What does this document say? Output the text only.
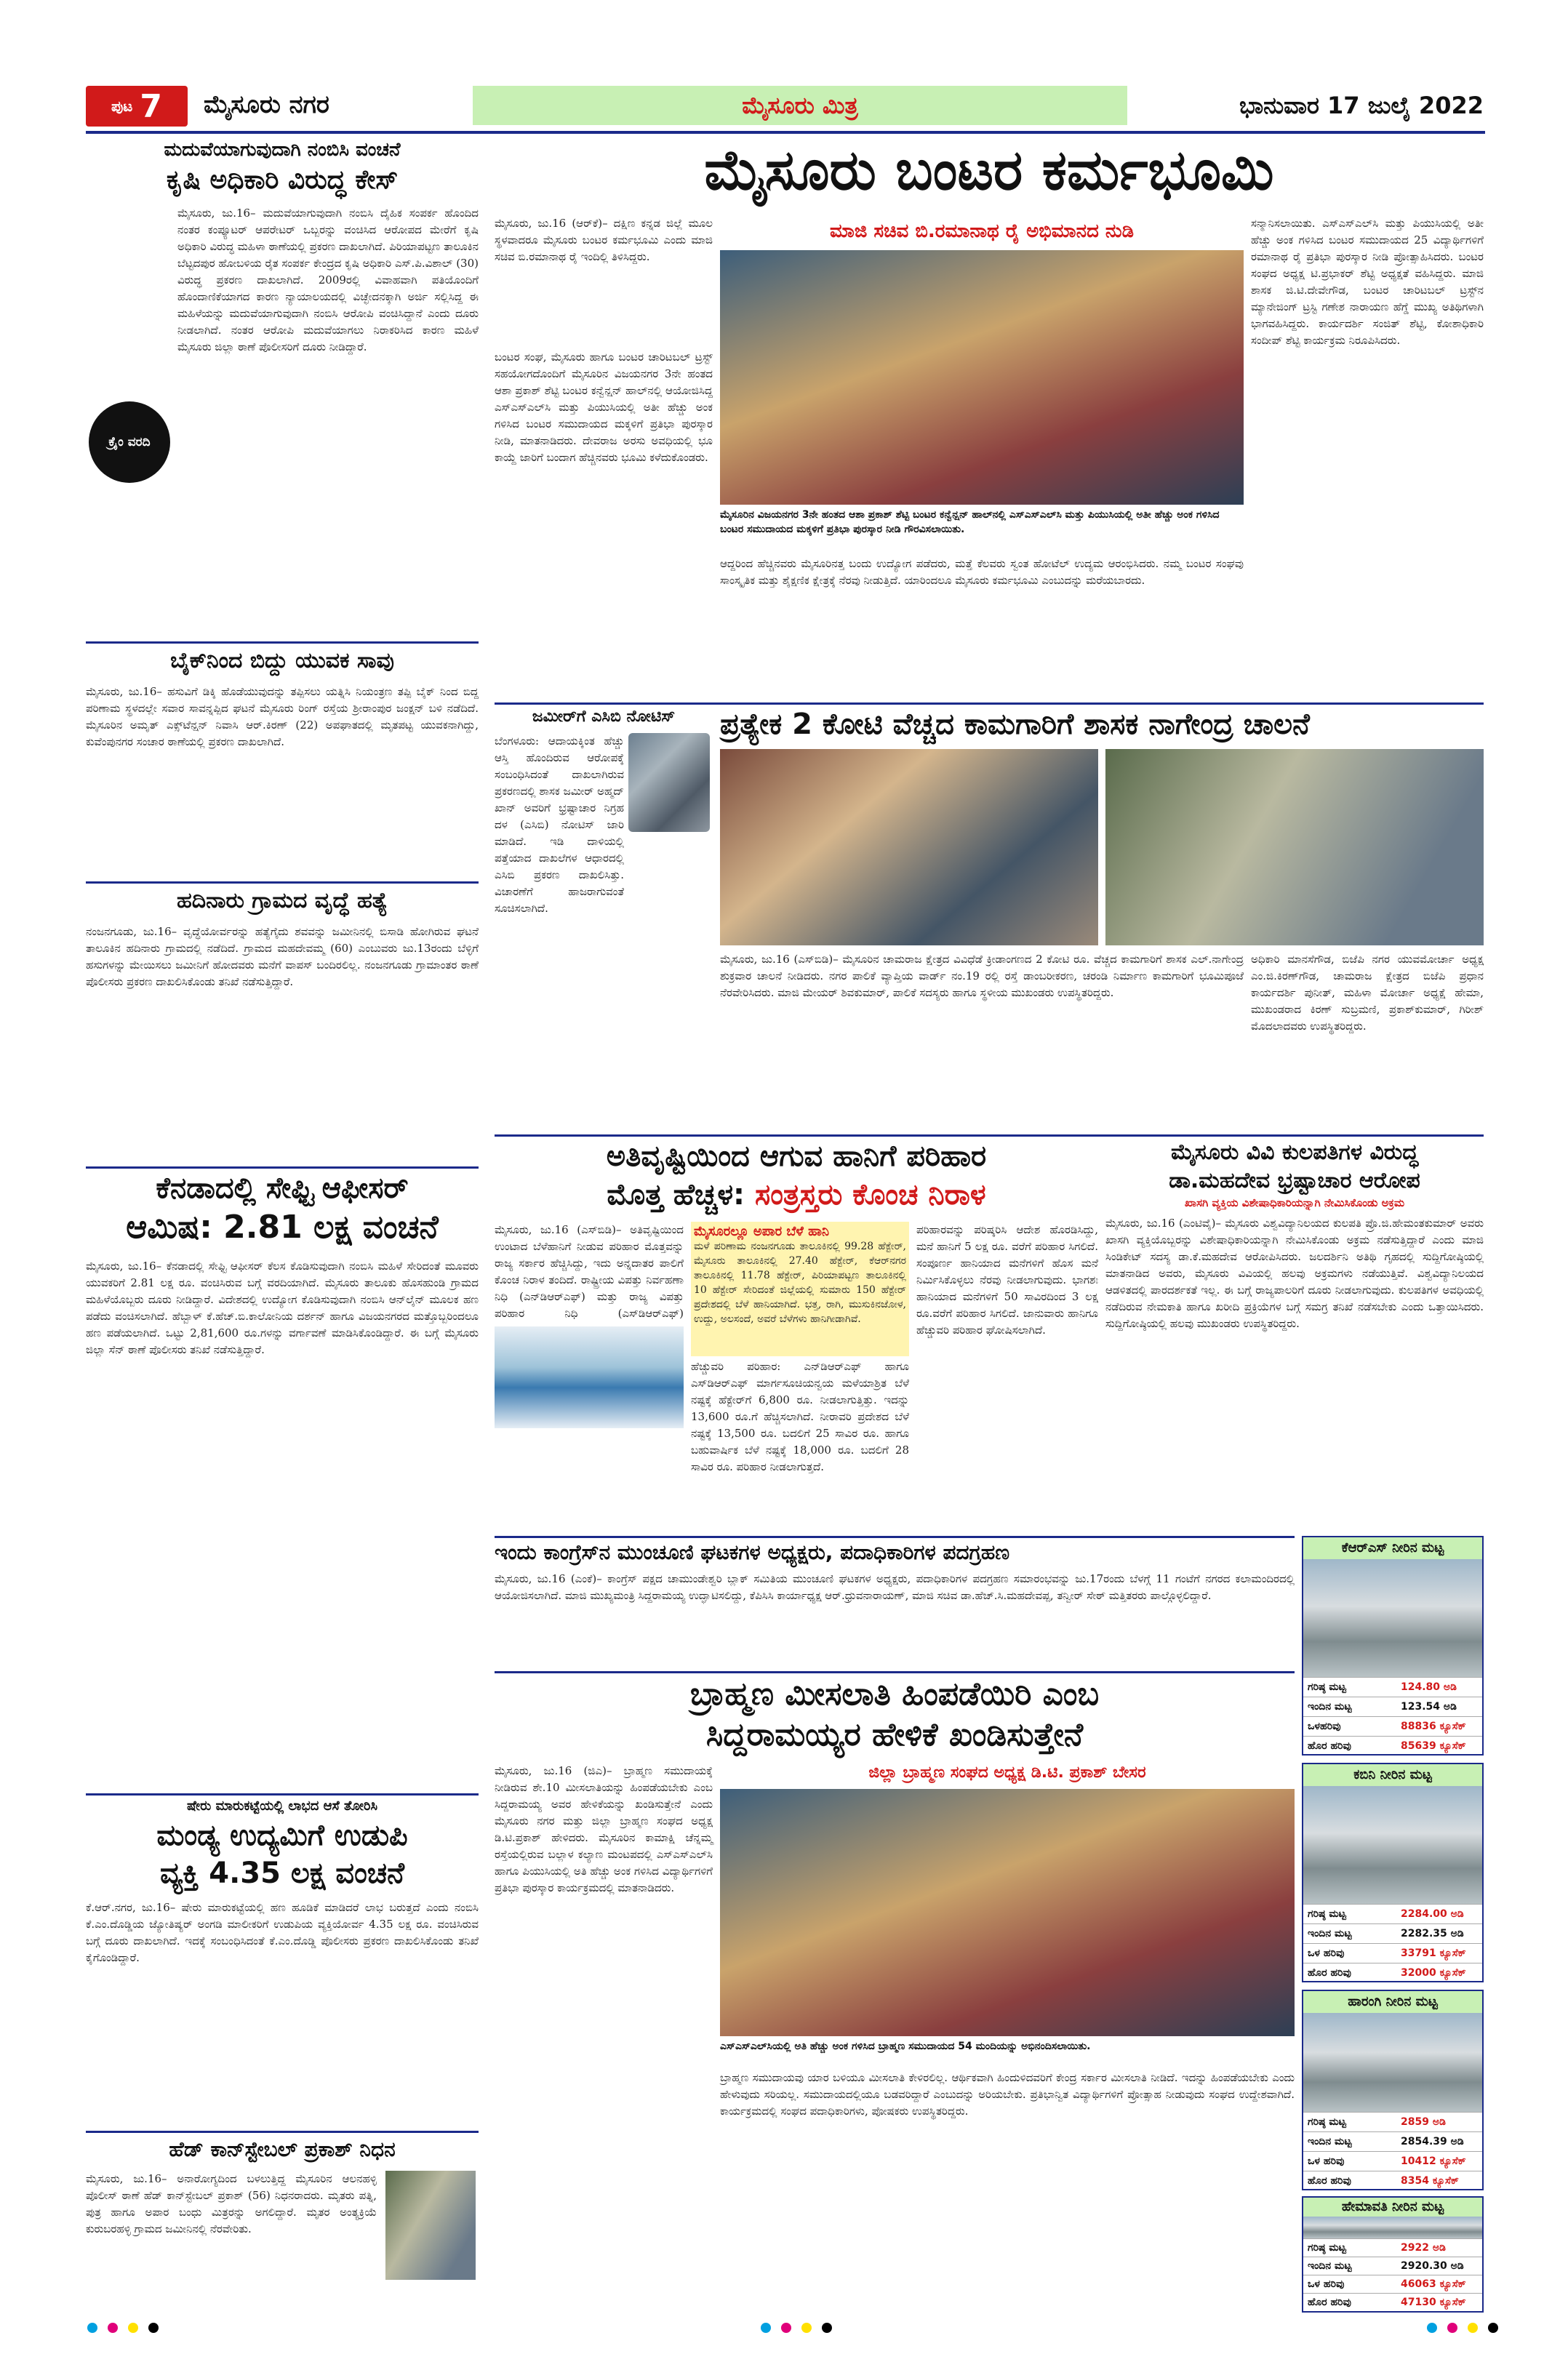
ಪುಟ 7 ಮೈಸೂರು ನಗರ	ಮೈಸೂರು ಮಿತ್ರ	ಭಾನುವಾರ 17 ಜುಲೈ 2022
ಮದುವೆಯಾಗುವುದಾಗಿ ನಂಬಿಸಿ ವಂಚನೆ
ಕೃಷಿ ಅಧಿಕಾರಿ ವಿರುದ್ಧ ಕೇಸ್
ಕ್ರೈಂ ವರದಿ
ಮೈಸೂರು, ಜು.16– ಮದುವೆಯಾಗುವುದಾಗಿ ನಂಬಿಸಿ ದೈಹಿಕ ಸಂಪರ್ಕ ಹೊಂದಿದ ನಂತರ ಕಂಪ್ಯೂಟರ್ ಆಪರೇಟರ್ ಒಬ್ಬರನ್ನು ವಂಚಿಸಿದ ಆರೋಪದ ಮೇರೆಗೆ ಕೃಷಿ ಅಧಿಕಾರಿ ವಿರುದ್ಧ ಮಹಿಳಾ ಠಾಣೆಯಲ್ಲಿ ಪ್ರಕರಣ ದಾಖಲಾಗಿದೆ. ಪಿರಿಯಾಪಟ್ಟಣ ತಾಲೂಕಿನ ಬೆಟ್ಟದಪುರ ಹೋಬಳಿಯ ರೈತ ಸಂಪರ್ಕ ಕೇಂದ್ರದ ಕೃಷಿ ಅಧಿಕಾರಿ ಎಸ್.ಪಿ.ವಿಶಾಲ್ (30) ವಿರುದ್ಧ ಪ್ರಕರಣ ದಾಖಲಾಗಿದೆ. 2009ರಲ್ಲಿ ವಿವಾಹವಾಗಿ ಪತಿಯೊಂದಿಗೆ ಹೊಂದಾಣಿಕೆಯಾಗದ ಕಾರಣ ನ್ಯಾಯಾಲಯದಲ್ಲಿ ವಿಚ್ಛೇದನಕ್ಕಾಗಿ ಅರ್ಜಿ ಸಲ್ಲಿಸಿದ್ದ ಈ ಮಹಿಳೆಯನ್ನು ಮದುವೆಯಾಗುವುದಾಗಿ ನಂಬಿಸಿ ಆರೋಪಿ ವಂಚಿಸಿದ್ದಾನೆ ಎಂದು ದೂರು ನೀಡಲಾಗಿದೆ. ನಂತರ ಆರೋಪಿ ಮದುವೆಯಾಗಲು ನಿರಾಕರಿಸಿದ ಕಾರಣ ಮಹಿಳೆ ಮೈಸೂರು ಜಿಲ್ಲಾ ಠಾಣೆ ಪೊಲೀಸರಿಗೆ ದೂರು ನೀಡಿದ್ದಾರೆ.
ಬೈಕ್‌ನಿಂದ ಬಿದ್ದು ಯುವಕ ಸಾವು
ಮೈಸೂರು, ಜು.16– ಹಸುವಿಗೆ ಡಿಕ್ಕಿ ಹೊಡೆಯುವುದನ್ನು ತಪ್ಪಿಸಲು ಯತ್ನಿಸಿ ನಿಯಂತ್ರಣ ತಪ್ಪಿ ಬೈಕ್ ನಿಂದ ಬಿದ್ದ ಪರಿಣಾಮ ಸ್ಥಳದಲ್ಲೇ ಸವಾರ ಸಾವನ್ನಪ್ಪಿದ ಘಟನೆ ಮೈಸೂರು ರಿಂಗ್ ರಸ್ತೆಯ ಶ್ರೀರಾಂಪುರ ಜಂಕ್ಷನ್ ಬಳಿ ನಡೆದಿದೆ. ಮೈಸೂರಿನ ಅಮೃತ್ ಎಕ್ಸ್‌ಟೆನ್ಷನ್ ನಿವಾಸಿ ಆರ್.ಕಿರಣ್ (22) ಅಪಘಾತದಲ್ಲಿ ಮೃತಪಟ್ಟ ಯುವಕನಾಗಿದ್ದು, ಕುವೆಂಪುನಗರ ಸಂಚಾರ ಠಾಣೆಯಲ್ಲಿ ಪ್ರಕರಣ ದಾಖಲಾಗಿದೆ.
ಹದಿನಾರು ಗ್ರಾಮದ ವೃದ್ಧೆ ಹತ್ಯೆ
ನಂಜನಗೂಡು, ಜು.16– ವೃದ್ಧೆಯೋರ್ವರನ್ನು ಹತ್ಯೆಗೈದು ಶವವನ್ನು ಜಮೀನಿನಲ್ಲಿ ಬಿಸಾಡಿ ಹೋಗಿರುವ ಘಟನೆ ತಾಲೂಕಿನ ಹದಿನಾರು ಗ್ರಾಮದಲ್ಲಿ ನಡೆದಿದೆ. ಗ್ರಾಮದ ಮಹದೇವಮ್ಮ (60) ಎಂಬುವರು ಜು.13ರಂದು ಬೆಳ್ಳಿಗೆ ಹಸುಗಳನ್ನು ಮೇಯಿಸಲು ಜಮೀನಿಗೆ ಹೋದವರು ಮನೆಗೆ ವಾಪಸ್ ಬಂದಿರಲಿಲ್ಲ. ನಂಜನಗೂಡು ಗ್ರಾಮಾಂತರ ಠಾಣೆ ಪೊಲೀಸರು ಪ್ರಕರಣ ದಾಖಲಿಸಿಕೊಂಡು ತನಿಖೆ ನಡೆಸುತ್ತಿದ್ದಾರೆ.
ಕೆನಡಾದಲ್ಲಿ ಸೇಫ್ಟಿ ಆಫೀಸರ್
ಆಮಿಷ: 2.81 ಲಕ್ಷ ವಂಚನೆ
ಮೈಸೂರು, ಜು.16– ಕೆನಡಾದಲ್ಲಿ ಸೇಫ್ಟಿ ಆಫೀಸರ್ ಕೆಲಸ ಕೊಡಿಸುವುದಾಗಿ ನಂಬಿಸಿ ಮಹಿಳೆ ಸೇರಿದಂತೆ ಮೂವರು ಯುವಕರಿಗೆ 2.81 ಲಕ್ಷ ರೂ. ವಂಚಿಸಿರುವ ಬಗ್ಗೆ ವರದಿಯಾಗಿದೆ. ಮೈಸೂರು ತಾಲೂಕು ಹೊಸಹುಂಡಿ ಗ್ರಾಮದ ಮಹಿಳೆಯೊಬ್ಬರು ದೂರು ನೀಡಿದ್ದಾರೆ. ವಿದೇಶದಲ್ಲಿ ಉದ್ಯೋಗ ಕೊಡಿಸುವುದಾಗಿ ನಂಬಿಸಿ ಆನ್‌ಲೈನ್ ಮೂಲಕ ಹಣ ಪಡೆದು ವಂಚಿಸಲಾಗಿದೆ. ಹೆಬ್ಬಾಳ್ ಕೆ.ಹೆಚ್.ಬಿ.ಕಾಲೋನಿಯ ದರ್ಶನ್ ಹಾಗೂ ವಿಜಯನಗರದ ಮತ್ತೊಬ್ಬರಿಂದಲೂ ಹಣ ಪಡೆಯಲಾಗಿದೆ. ಒಟ್ಟು 2,81,600 ರೂ.ಗಳನ್ನು ವರ್ಗಾವಣೆ ಮಾಡಿಸಿಕೊಂಡಿದ್ದಾರೆ. ಈ ಬಗ್ಗೆ ಮೈಸೂರು ಜಿಲ್ಲಾ ಸೆನ್ ಠಾಣೆ ಪೊಲೀಸರು ತನಿಖೆ ನಡೆಸುತ್ತಿದ್ದಾರೆ.
ಷೇರು ಮಾರುಕಟ್ಟೆಯಲ್ಲಿ ಲಾಭದ ಆಸೆ ತೋರಿಸಿ
ಮಂಡ್ಯ ಉದ್ಯಮಿಗೆ ಉಡುಪಿ
ವ್ಯಕ್ತಿ 4.35 ಲಕ್ಷ ವಂಚನೆ
ಕೆ.ಆರ್.ನಗರ, ಜು.16– ಷೇರು ಮಾರುಕಟ್ಟೆಯಲ್ಲಿ ಹಣ ಹೂಡಿಕೆ ಮಾಡಿದರೆ ಲಾಭ ಬರುತ್ತದೆ ಎಂದು ನಂಬಿಸಿ ಕೆ.ಎಂ.ದೊಡ್ಡಿಯ ಜ್ಯೋತಿಷ್ಯರ್ ಅಂಗಡಿ ಮಾಲೀಕರಿಗೆ ಉಡುಪಿಯ ವ್ಯಕ್ತಿಯೋರ್ವ 4.35 ಲಕ್ಷ ರೂ. ವಂಚಿಸಿರುವ ಬಗ್ಗೆ ದೂರು ದಾಖಲಾಗಿದೆ. ಇದಕ್ಕೆ ಸಂಬಂಧಿಸಿದಂತೆ ಕೆ.ಎಂ.ದೊಡ್ಡಿ ಪೊಲೀಸರು ಪ್ರಕರಣ ದಾಖಲಿಸಿಕೊಂಡು ತನಿಖೆ ಕೈಗೊಂಡಿದ್ದಾರೆ.
ಹೆಡ್ ಕಾನ್‌ಸ್ಟೇಬಲ್ ಪ್ರಕಾಶ್ ನಿಧನ
ಮೈಸೂರು, ಜು.16– ಅನಾರೋಗ್ಯದಿಂದ ಬಳಲುತ್ತಿದ್ದ ಮೈಸೂರಿನ ಆಲನಹಳ್ಳಿ ಪೊಲೀಸ್ ಠಾಣೆ ಹೆಡ್ ಕಾನ್‌ಸ್ಟೇಬಲ್ ಪ್ರಕಾಶ್ (56) ನಿಧನರಾದರು. ಮೃತರು ಪತ್ನಿ, ಪುತ್ರ ಹಾಗೂ ಅಪಾರ ಬಂಧು ಮಿತ್ರರನ್ನು ಅಗಲಿದ್ದಾರೆ. ಮೃತರ ಅಂತ್ಯಕ್ರಿಯೆ ಕುರುಬರಹಳ್ಳಿ ಗ್ರಾಮದ ಜಮೀನಿನಲ್ಲಿ ನೆರವೇರಿತು.
ಮೈಸೂರು ಬಂಟರ ಕರ್ಮಭೂಮಿ
ಮೈಸೂರು, ಜು.16 (ಆರ್‌ಕೆ)– ದಕ್ಷಿಣ ಕನ್ನಡ ಜಿಲ್ಲೆ ಮೂಲ ಸ್ಥಳವಾದರೂ ಮೈಸೂರು ಬಂಟರ ಕರ್ಮಭೂಮಿ ಎಂದು ಮಾಜಿ ಸಚಿವ ಬಿ.ರಮಾನಾಥ ರೈ ಇಂದಿಲ್ಲಿ ತಿಳಿಸಿದ್ದರು.
ಬಂಟರ ಸಂಘ, ಮೈಸೂರು ಹಾಗೂ ಬಂಟರ ಚಾರಿಟಬಲ್ ಟ್ರಸ್ಟ್ ಸಹಯೋಗದೊಂದಿಗೆ ಮೈಸೂರಿನ ವಿಜಯನಗರ 3ನೇ ಹಂತದ ಆಶಾ ಪ್ರಕಾಶ್ ಶೆಟ್ಟಿ ಬಂಟರ ಕನ್ವೆನ್ಷನ್ ಹಾಲ್‌ನಲ್ಲಿ ಆಯೋಜಿಸಿದ್ದ ಎಸ್‌ಎಸ್‌ಎಲ್‌ಸಿ ಮತ್ತು ಪಿಯುಸಿಯಲ್ಲಿ ಅತೀ ಹೆಚ್ಚು ಅಂಕ ಗಳಿಸಿದ ಬಂಟರ ಸಮುದಾಯದ ಮಕ್ಕಳಿಗೆ ಪ್ರತಿಭಾ ಪುರಸ್ಕಾರ ನೀಡಿ, ಮಾತನಾಡಿದರು. ದೇವರಾಜ ಅರಸು ಅವಧಿಯಲ್ಲಿ ಭೂ ಕಾಯ್ದೆ ಜಾರಿಗೆ ಬಂದಾಗ ಹೆಚ್ಚಿನವರು ಭೂಮಿ ಕಳೆದುಕೊಂಡರು.
ಮಾಜಿ ಸಚಿವ ಬಿ.ರಮಾನಾಥ ರೈ ಅಭಿಮಾನದ ನುಡಿ
ಮೈಸೂರಿನ ವಿಜಯನಗರ 3ನೇ ಹಂತದ ಆಶಾ ಪ್ರಕಾಶ್ ಶೆಟ್ಟಿ ಬಂಟರ ಕನ್ವೆನ್ಷನ್ ಹಾಲ್‌ನಲ್ಲಿ ಎಸ್‌ಎಸ್‌ಎಲ್‌ಸಿ ಮತ್ತು ಪಿಯುಸಿಯಲ್ಲಿ ಅತೀ ಹೆಚ್ಚು ಅಂಕ ಗಳಿಸಿದ ಬಂಟರ ಸಮುದಾಯದ ಮಕ್ಕಳಿಗೆ ಪ್ರತಿಭಾ ಪುರಸ್ಕಾರ ನೀಡಿ ಗೌರವಿಸಲಾಯಿತು.
ಆದ್ದರಿಂದ ಹೆಚ್ಚಿನವರು ಮೈಸೂರಿನತ್ತ ಬಂದು ಉದ್ಯೋಗ ಪಡೆದರು, ಮತ್ತೆ ಕೆಲವರು ಸ್ವಂತ ಹೋಟೆಲ್ ಉದ್ಯಮ ಆರಂಭಿಸಿದರು. ನಮ್ಮ ಬಂಟರ ಸಂಘವು ಸಾಂಸ್ಕೃತಿಕ ಮತ್ತು ಶೈಕ್ಷಣಿಕ ಕ್ಷೇತ್ರಕ್ಕೆ ನೆರವು ನೀಡುತ್ತಿದೆ. ಯಾರಿಂದಲೂ ಮೈಸೂರು ಕರ್ಮಭೂಮಿ ಎಂಬುದನ್ನು ಮರೆಯಬಾರದು.
ಸನ್ಮಾನಿಸಲಾಯಿತು. ಎಸ್‌ಎಸ್‌ಎಲ್‌ಸಿ ಮತ್ತು ಪಿಯುಸಿಯಲ್ಲಿ ಅತೀ ಹೆಚ್ಚು ಅಂಕ ಗಳಿಸಿದ ಬಂಟರ ಸಮುದಾಯದ 25 ವಿದ್ಯಾರ್ಥಿಗಳಿಗೆ ರಮಾನಾಥ ರೈ ಪ್ರತಿಭಾ ಪುರಸ್ಕಾರ ನೀಡಿ ಪ್ರೋತ್ಸಾಹಿಸಿದರು. ಬಂಟರ ಸಂಘದ ಅಧ್ಯಕ್ಷ ಟಿ.ಪ್ರಭಾಕರ್ ಶೆಟ್ಟಿ ಅಧ್ಯಕ್ಷತೆ ವಹಿಸಿದ್ದರು. ಮಾಜಿ ಶಾಸಕ ಜಿ.ಟಿ.ದೇವೇಗೌಡ, ಬಂಟರ ಚಾರಿಟಬಲ್ ಟ್ರಸ್ಟ್‌ನ ಮ್ಯಾನೇಜಿಂಗ್ ಟ್ರಸ್ಟಿ ಗಣೇಶ ನಾರಾಯಣ ಹೆಗ್ಡೆ ಮುಖ್ಯ ಅತಿಥಿಗಳಾಗಿ ಭಾಗವಹಿಸಿದ್ದರು. ಕಾರ್ಯದರ್ಶಿ ಸಂಜಿತ್ ಶೆಟ್ಟಿ, ಕೋಶಾಧಿಕಾರಿ ಸಂದೀಪ್ ಶೆಟ್ಟಿ ಕಾರ್ಯಕ್ರಮ ನಿರೂಪಿಸಿದರು.
ಜಮೀರ್‌ಗೆ ಎಸಿಬಿ ನೋಟಿಸ್
ಬೆಂಗಳೂರು: ಆದಾಯಕ್ಕಿಂತ ಹೆಚ್ಚು ಆಸ್ತಿ ಹೊಂದಿರುವ ಆರೋಪಕ್ಕೆ ಸಂಬಂಧಿಸಿದಂತೆ ದಾಖಲಾಗಿರುವ ಪ್ರಕರಣದಲ್ಲಿ ಶಾಸಕ ಜಮೀರ್ ಅಹ್ಮದ್ ಖಾನ್ ಅವರಿಗೆ ಭ್ರಷ್ಟಾಚಾರ ನಿಗ್ರಹ ದಳ (ಎಸಿಬಿ) ನೋಟಿಸ್ ಜಾರಿ ಮಾಡಿದೆ. ಇಡಿ ದಾಳಿಯಲ್ಲಿ ಪತ್ತೆಯಾದ ದಾಖಲೆಗಳ ಆಧಾರದಲ್ಲಿ ಎಸಿಬಿ ಪ್ರಕರಣ ದಾಖಲಿಸಿತ್ತು. ವಿಚಾರಣೆಗೆ ಹಾಜರಾಗುವಂತೆ ಸೂಚಿಸಲಾಗಿದೆ.
ಪ್ರತ್ಯೇಕ 2 ಕೋಟಿ ವೆಚ್ಚದ ಕಾಮಗಾರಿಗೆ ಶಾಸಕ ನಾಗೇಂದ್ರ ಚಾಲನೆ
ಮೈಸೂರು, ಜು.16 (ಎಸ್‌ಬಿಡಿ)– ಮೈಸೂರಿನ ಚಾಮರಾಜ ಕ್ಷೇತ್ರದ ವಿವಿಧೆಡೆ ಕ್ರೀಡಾಂಗಣದ 2 ಕೋಟಿ ರೂ. ವೆಚ್ಚದ ಕಾಮಗಾರಿಗೆ ಶಾಸಕ ಎಲ್.ನಾಗೇಂದ್ರ ಶುಕ್ರವಾರ ಚಾಲನೆ ನೀಡಿದರು. ನಗರ ಪಾಲಿಕೆ ವ್ಯಾಪ್ತಿಯ ವಾರ್ಡ್ ನಂ.19 ರಲ್ಲಿ ರಸ್ತೆ ಡಾಂಬರೀಕರಣ, ಚರಂಡಿ ನಿರ್ಮಾಣ ಕಾಮಗಾರಿಗೆ ಭೂಮಿಪೂಜೆ ನೆರವೇರಿಸಿದರು. ಮಾಜಿ ಮೇಯರ್ ಶಿವಕುಮಾರ್, ಪಾಲಿಕೆ ಸದಸ್ಯರು ಹಾಗೂ ಸ್ಥಳೀಯ ಮುಖಂಡರು ಉಪಸ್ಥಿತರಿದ್ದರು.
ಅಧಿಕಾರಿ ಮಾನಸೆಗೌಡ, ಬಿಜೆಪಿ ನಗರ ಯುವಮೋರ್ಚಾ ಅಧ್ಯಕ್ಷ ಎಂ.ಜಿ.ಕಿರಣ್‌ಗೌಡ, ಚಾಮರಾಜ ಕ್ಷೇತ್ರದ ಬಿಜೆಪಿ ಪ್ರಧಾನ ಕಾರ್ಯದರ್ಶಿ ಪುನೀತ್, ಮಹಿಳಾ ಮೋರ್ಚಾ ಅಧ್ಯಕ್ಷೆ ಹೇಮಾ, ಮುಖಂಡರಾದ ಕಿರಣ್ ಸುಬ್ರಮಣಿ, ಪ್ರಕಾಶ್‌ಕುಮಾರ್, ಗಿರೀಶ್ ಮೊದಲಾದವರು ಉಪಸ್ಥಿತರಿದ್ದರು.
ಅತಿವೃಷ್ಟಿಯಿಂದ ಆಗುವ ಹಾನಿಗೆ ಪರಿಹಾರ
ಮೊತ್ತ ಹೆಚ್ಚಳ: ಸಂತ್ರಸ್ತರು ಕೊಂಚ ನಿರಾಳ
ಮೈಸೂರು, ಜು.16 (ಎಸ್‌ಬಿಡಿ)– ಅತಿವೃಷ್ಟಿಯಿಂದ ಉಂಟಾದ ಬೆಳೆಹಾನಿಗೆ ನೀಡುವ ಪರಿಹಾರ ಮೊತ್ತವನ್ನು ರಾಜ್ಯ ಸರ್ಕಾರ ಹೆಚ್ಚಿಸಿದ್ದು, ಇದು ಅನ್ನದಾತರ ಪಾಲಿಗೆ ಕೊಂಚ ನಿರಾಳ ತಂದಿದೆ. ರಾಷ್ಟ್ರೀಯ ವಿಪತ್ತು ನಿರ್ವಹಣಾ ನಿಧಿ (ಎನ್‌ಡಿಆರ್‌ಎಫ್) ಮತ್ತು ರಾಜ್ಯ ವಿಪತ್ತು ಪರಿಹಾರ ನಿಧಿ (ಎಸ್‌ಡಿಆರ್‌ಎಫ್)
ಹೆಚ್ಚುವರಿ ಪರಿಹಾರ: ಎನ್‌ಡಿಆರ್‌ಎಫ್ ಹಾಗೂ ಎಸ್‌ಡಿಆರ್‌ಎಫ್ ಮಾರ್ಗಸೂಚಿಯನ್ವಯ ಮಳೆಯಾಶ್ರಿತ ಬೆಳೆ ನಷ್ಟಕ್ಕೆ ಹೆಕ್ಟೇರ್‌ಗೆ 6,800 ರೂ. ನೀಡಲಾಗುತ್ತಿತ್ತು. ಇದನ್ನು 13,600 ರೂ.ಗೆ ಹೆಚ್ಚಿಸಲಾಗಿದೆ. ನೀರಾವರಿ ಪ್ರದೇಶದ ಬೆಳೆ ನಷ್ಟಕ್ಕೆ 13,500 ರೂ. ಬದಲಿಗೆ 25 ಸಾವಿರ ರೂ. ಹಾಗೂ ಬಹುವಾರ್ಷಿಕ ಬೆಳೆ ನಷ್ಟಕ್ಕೆ 18,000 ರೂ. ಬದಲಿಗೆ 28 ಸಾವಿರ ರೂ. ಪರಿಹಾರ ನೀಡಲಾಗುತ್ತದೆ.
ಮೈಸೂರಲ್ಲೂ ಅಪಾರ ಬೆಳೆ ಹಾನಿ
ಮಳೆ ಪರಿಣಾಮ ನಂಜನಗೂಡು ತಾಲೂಕಿನಲ್ಲಿ 99.28 ಹೆಕ್ಟೇರ್, ಮೈಸೂರು ತಾಲೂಕಿನಲ್ಲಿ 27.40 ಹೆಕ್ಟೇರ್, ಕೆಆರ್‌ನಗರ ತಾಲೂಕಿನಲ್ಲಿ 11.78 ಹೆಕ್ಟೇರ್, ಪಿರಿಯಾಪಟ್ಟಣ ತಾಲೂಕಿನಲ್ಲಿ 10 ಹೆಕ್ಟೇರ್ ಸೇರಿದಂತೆ ಜಿಲ್ಲೆಯಲ್ಲಿ ಸುಮಾರು 150 ಹೆಕ್ಟೇರ್ ಪ್ರದೇಶದಲ್ಲಿ ಬೆಳೆ ಹಾನಿಯಾಗಿದೆ. ಭತ್ತ, ರಾಗಿ, ಮುಸುಕಿನಜೋಳ, ಉದ್ದು, ಅಲಸಂದೆ, ಅವರೆ ಬೆಳೆಗಳು ಹಾನಿಗೀಡಾಗಿವೆ.
ಪರಿಹಾರವನ್ನು ಪರಿಷ್ಕರಿಸಿ ಆದೇಶ ಹೊರಡಿಸಿದ್ದು, ಮನೆ ಹಾನಿಗೆ 5 ಲಕ್ಷ ರೂ. ವರೆಗೆ ಪರಿಹಾರ ಸಿಗಲಿದೆ. ಸಂಪೂರ್ಣ ಹಾನಿಯಾದ ಮನೆಗಳಿಗೆ ಹೊಸ ಮನೆ ನಿರ್ಮಿಸಿಕೊಳ್ಳಲು ನೆರವು ನೀಡಲಾಗುವುದು. ಭಾಗಶಃ ಹಾನಿಯಾದ ಮನೆಗಳಿಗೆ 50 ಸಾವಿರದಿಂದ 3 ಲಕ್ಷ ರೂ.ವರೆಗೆ ಪರಿಹಾರ ಸಿಗಲಿದೆ. ಜಾನುವಾರು ಹಾನಿಗೂ ಹೆಚ್ಚುವರಿ ಪರಿಹಾರ ಘೋಷಿಸಲಾಗಿದೆ.
ಮೈಸೂರು ವಿವಿ ಕುಲಪತಿಗಳ ವಿರುದ್ಧ
ಡಾ.ಮಹದೇವ ಭ್ರಷ್ಟಾಚಾರ ಆರೋಪ
ಖಾಸಗಿ ವ್ಯಕ್ತಿಯ ವಿಶೇಷಾಧಿಕಾರಿಯನ್ನಾಗಿ ನೇಮಿಸಿಕೊಂಡು ಅಕ್ರಮ
ಮೈಸೂರು, ಜು.16 (ಎಂಟಿವೈ)– ಮೈಸೂರು ವಿಶ್ವವಿದ್ಯಾನಿಲಯದ ಕುಲಪತಿ ಪ್ರೊ.ಜಿ.ಹೇಮಂತಕುಮಾರ್ ಅವರು ಖಾಸಗಿ ವ್ಯಕ್ತಿಯೊಬ್ಬರನ್ನು ವಿಶೇಷಾಧಿಕಾರಿಯನ್ನಾಗಿ ನೇಮಿಸಿಕೊಂಡು ಅಕ್ರಮ ನಡೆಸುತ್ತಿದ್ದಾರೆ ಎಂದು ಮಾಜಿ ಸಿಂಡಿಕೇಟ್ ಸದಸ್ಯ ಡಾ.ಕೆ.ಮಹದೇವ ಆರೋಪಿಸಿದರು. ಜಲದರ್ಶಿನಿ ಅತಿಥಿ ಗೃಹದಲ್ಲಿ ಸುದ್ದಿಗೋಷ್ಠಿಯಲ್ಲಿ ಮಾತನಾಡಿದ ಅವರು, ಮೈಸೂರು ವಿವಿಯಲ್ಲಿ ಹಲವು ಅಕ್ರಮಗಳು ನಡೆಯುತ್ತಿವೆ. ವಿಶ್ವವಿದ್ಯಾನಿಲಯದ ಆಡಳಿತದಲ್ಲಿ ಪಾರದರ್ಶಕತೆ ಇಲ್ಲ. ಈ ಬಗ್ಗೆ ರಾಜ್ಯಪಾಲರಿಗೆ ದೂರು ನೀಡಲಾಗುವುದು. ಕುಲಪತಿಗಳ ಅವಧಿಯಲ್ಲಿ ನಡೆದಿರುವ ನೇಮಕಾತಿ ಹಾಗೂ ಖರೀದಿ ಪ್ರಕ್ರಿಯೆಗಳ ಬಗ್ಗೆ ಸಮಗ್ರ ತನಿಖೆ ನಡೆಸಬೇಕು ಎಂದು ಒತ್ತಾಯಿಸಿದರು. ಸುದ್ದಿಗೋಷ್ಠಿಯಲ್ಲಿ ಹಲವು ಮುಖಂಡರು ಉಪಸ್ಥಿತರಿದ್ದರು.
ಇಂದು ಕಾಂಗ್ರೆಸ್‌ನ ಮುಂಚೂಣಿ ಘಟಕಗಳ ಅಧ್ಯಕ್ಷರು, ಪದಾಧಿಕಾರಿಗಳ ಪದಗ್ರಹಣ
ಮೈಸೂರು, ಜು.16 (ಎಂಕೆ)– ಕಾಂಗ್ರೆಸ್ ಪಕ್ಷದ ಚಾಮುಂಡೇಶ್ವರಿ ಬ್ಲಾಕ್ ಸಮಿತಿಯ ಮುಂಚೂಣಿ ಘಟಕಗಳ ಅಧ್ಯಕ್ಷರು, ಪದಾಧಿಕಾರಿಗಳ ಪದಗ್ರಹಣ ಸಮಾರಂಭವನ್ನು ಜು.17ರಂದು ಬೆಳಗ್ಗೆ 11 ಗಂಟೆಗೆ ನಗರದ ಕಲಾಮಂದಿರದಲ್ಲಿ ಆಯೋಜಿಸಲಾಗಿದೆ. ಮಾಜಿ ಮುಖ್ಯಮಂತ್ರಿ ಸಿದ್ದರಾಮಯ್ಯ ಉದ್ಘಾಟಿಸಲಿದ್ದು, ಕೆಪಿಸಿಸಿ ಕಾರ್ಯಾಧ್ಯಕ್ಷ ಆರ್.ಧ್ರುವನಾರಾಯಣ್, ಮಾಜಿ ಸಚಿವ ಡಾ.ಹೆಚ್.ಸಿ.ಮಹದೇವಪ್ಪ, ತನ್ವೀರ್ ಸೇಠ್ ಮತ್ತಿತರರು ಪಾಲ್ಗೊಳ್ಳಲಿದ್ದಾರೆ.
ಬ್ರಾಹ್ಮಣ ಮೀಸಲಾತಿ ಹಿಂಪಡೆಯಿರಿ ಎಂಬ
ಸಿದ್ದರಾಮಯ್ಯರ ಹೇಳಿಕೆ ಖಂಡಿಸುತ್ತೇನೆ
ಮೈಸೂರು, ಜು.16 (ಜಿಎ)– ಬ್ರಾಹ್ಮಣ ಸಮುದಾಯಕ್ಕೆ ನೀಡಿರುವ ಶೇ.10 ಮೀಸಲಾತಿಯನ್ನು ಹಿಂಪಡೆಯಬೇಕು ಎಂಬ ಸಿದ್ದರಾಮಯ್ಯ ಅವರ ಹೇಳಿಕೆಯನ್ನು ಖಂಡಿಸುತ್ತೇನೆ ಎಂದು ಮೈಸೂರು ನಗರ ಮತ್ತು ಜಿಲ್ಲಾ ಬ್ರಾಹ್ಮಣ ಸಂಘದ ಅಧ್ಯಕ್ಷ ಡಿ.ಟಿ.ಪ್ರಕಾಶ್ ಹೇಳಿದರು. ಮೈಸೂರಿನ ಕಾಮಾಕ್ಷಿ ಚೆನ್ನಮ್ಮ ರಸ್ತೆಯಲ್ಲಿರುವ ಬಲ್ಲಾಳ ಕಲ್ಯಾಣ ಮಂಟಪದಲ್ಲಿ ಎಸ್‌ಎಸ್‌ಎಲ್‌ಸಿ ಹಾಗೂ ಪಿಯುಸಿಯಲ್ಲಿ ಅತಿ ಹೆಚ್ಚು ಅಂಕ ಗಳಿಸಿದ ವಿದ್ಯಾರ್ಥಿಗಳಿಗೆ ಪ್ರತಿಭಾ ಪುರಸ್ಕಾರ ಕಾರ್ಯಕ್ರಮದಲ್ಲಿ ಮಾತನಾಡಿದರು.
ಜಿಲ್ಲಾ ಬ್ರಾಹ್ಮಣ ಸಂಘದ ಅಧ್ಯಕ್ಷ ಡಿ.ಟಿ. ಪ್ರಕಾಶ್ ಬೇಸರ
ಎಸ್‌ಎಸ್‌ಎಲ್‌ಸಿಯಲ್ಲಿ ಅತಿ ಹೆಚ್ಚು ಅಂಕ ಗಳಿಸಿದ ಬ್ರಾಹ್ಮಣ ಸಮುದಾಯದ 54 ಮಂದಿಯನ್ನು ಅಭಿನಂದಿಸಲಾಯಿತು.
ಬ್ರಾಹ್ಮಣ ಸಮುದಾಯವು ಯಾರ ಬಳಿಯೂ ಮೀಸಲಾತಿ ಕೇಳಿರಲಿಲ್ಲ. ಆರ್ಥಿಕವಾಗಿ ಹಿಂದುಳಿದವರಿಗೆ ಕೇಂದ್ರ ಸರ್ಕಾರ ಮೀಸಲಾತಿ ನೀಡಿದೆ. ಇದನ್ನು ಹಿಂಪಡೆಯಬೇಕು ಎಂದು ಹೇಳುವುದು ಸರಿಯಲ್ಲ. ಸಮುದಾಯದಲ್ಲಿಯೂ ಬಡವರಿದ್ದಾರೆ ಎಂಬುದನ್ನು ಅರಿಯಬೇಕು. ಪ್ರತಿಭಾನ್ವಿತ ವಿದ್ಯಾರ್ಥಿಗಳಿಗೆ ಪ್ರೋತ್ಸಾಹ ನೀಡುವುದು ಸಂಘದ ಉದ್ದೇಶವಾಗಿದೆ. ಕಾರ್ಯಕ್ರಮದಲ್ಲಿ ಸಂಘದ ಪದಾಧಿಕಾರಿಗಳು, ಪೋಷಕರು ಉಪಸ್ಥಿತರಿದ್ದರು.
ಕೆಆರ್‌ಎಸ್ ನೀರಿನ ಮಟ್ಟ
ಗರಿಷ್ಠ ಮಟ್ಟ	124.80 ಅಡಿ
ಇಂದಿನ ಮಟ್ಟ	123.54 ಅಡಿ
ಒಳಹರಿವು	88836 ಕ್ಯೂಸೆಕ್
ಹೊರ ಹರಿವು	85639 ಕ್ಯೂಸೆಕ್
ಕಬಿನಿ ನೀರಿನ ಮಟ್ಟ
ಗರಿಷ್ಠ ಮಟ್ಟ	2284.00 ಅಡಿ
ಇಂದಿನ ಮಟ್ಟ	2282.35 ಅಡಿ
ಒಳ ಹರಿವು	33791 ಕ್ಯೂಸೆಕ್
ಹೊರ ಹರಿವು	32000 ಕ್ಯೂಸೆಕ್
ಹಾರಂಗಿ ನೀರಿನ ಮಟ್ಟ
ಗರಿಷ್ಠ ಮಟ್ಟ	2859 ಅಡಿ
ಇಂದಿನ ಮಟ್ಟ	2854.39 ಅಡಿ
ಒಳ ಹರಿವು	10412 ಕ್ಯೂಸೆಕ್
ಹೊರ ಹರಿವು	8354 ಕ್ಯೂಸೆಕ್
ಹೇಮಾವತಿ ನೀರಿನ ಮಟ್ಟ
ಗರಿಷ್ಠ ಮಟ್ಟ	2922 ಅಡಿ
ಇಂದಿನ ಮಟ್ಟ	2920.30 ಅಡಿ
ಒಳ ಹರಿವು	46063 ಕ್ಯೂಸೆಕ್
ಹೊರ ಹರಿವು	47130 ಕ್ಯೂಸೆಕ್
